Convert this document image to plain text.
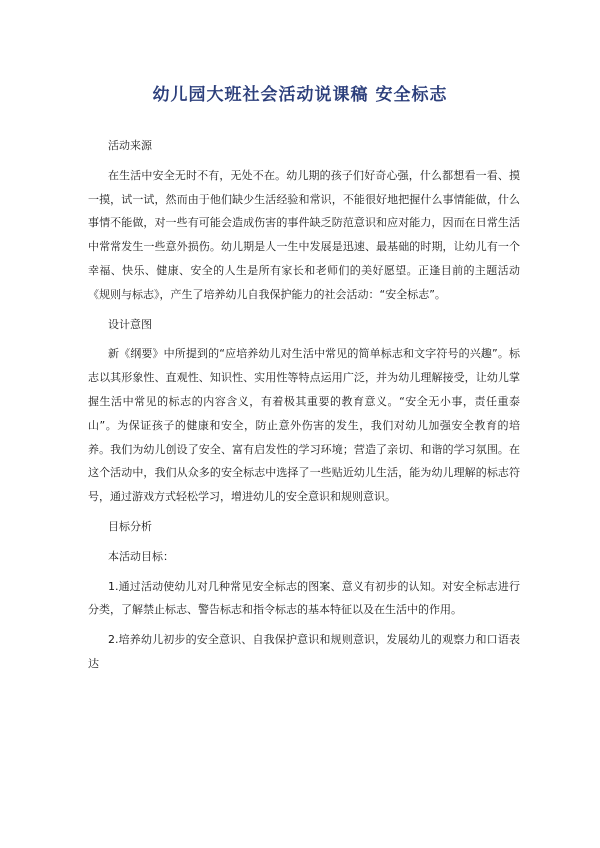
幼儿园大班社会活动说课稿 安全标志
活动来源

在生活中安全无时不有，无处不在。幼儿期的孩子们好奇心强，什么都想看一看、摸一摸，试一试，然而由于他们缺少生活经验和常识，不能很好地把握什么事情能做，什么事情不能做，对一些有可能会造成伤害的事件缺乏防范意识和应对能力，因而在日常生活中常常发生一些意外损伤。幼儿期是人一生中发展是迅速、最基础的时期，让幼儿有一个幸福、快乐、健康、安全的人生是所有家长和老师们的美好愿望。正逢目前的主题活动《规则与标志》，产生了培养幼儿自我保护能力的社会活动：“安全标志”。

设计意图

新《纲要》中所提到的“应培养幼儿对生活中常见的简单标志和文字符号的兴趣”。标志以其形象性、直观性、知识性、实用性等特点运用广泛，并为幼儿理解接受，让幼儿掌握生活中常见的标志的内容含义，有着极其重要的教育意义。“安全无小事，责任重泰山”。为保证孩子的健康和安全，防止意外伤害的发生，我们对幼儿加强安全教育的培养。我们为幼儿创设了安全、富有启发性的学习环境；营造了亲切、和谐的学习氛围。在这个活动中，我们从众多的安全标志中选择了一些贴近幼儿生活，能为幼儿理解的标志符号，通过游戏方式轻松学习，增进幼儿的安全意识和规则意识。

目标分析

本活动目标：

1.通过活动使幼儿对几种常见安全标志的图案、意义有初步的认知。对安全标志进行分类，了解禁止标志、警告标志和指令标志的基本特征以及在生活中的作用。

2.培养幼儿初步的安全意识、自我保护意识和规则意识，发展幼儿的观察力和口语表达
